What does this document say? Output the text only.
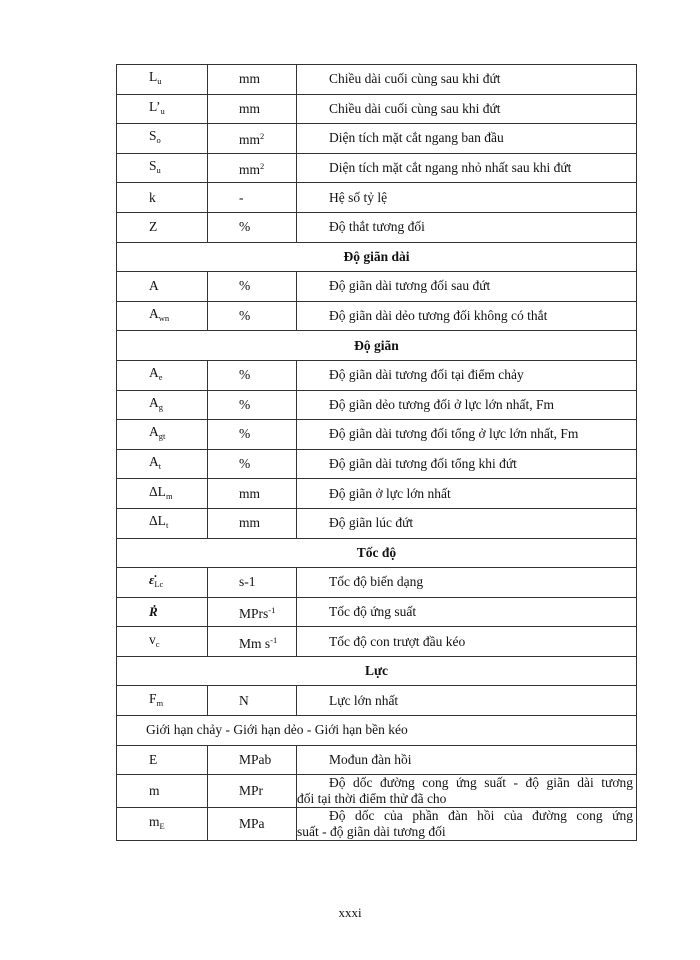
$L_u$	mm	Chiều dài cuối cùng sau khi đứt
$L’_u$	mm	Chiều dài cuối cùng sau khi đứt
$S_o$	$mm^2$	Diện tích mặt cắt ngang ban đầu
$S_u$	$mm^2$	Diện tích mặt cắt ngang nhỏ nhất sau khi đứt
k	-	Hệ số tỷ lệ
Z	%	Độ thắt tương đối
Độ giãn dài		
A	%	Độ giãn dài tương đối sau đứt
$A_{wn}$	%	Độ giãn dài dẻo tương đối không có thắt
Độ giãn		
$A_e$	%	Độ giãn dài tương đối tại điểm chảy
$A_g$	%	Độ giãn dẻo tương đối ở lực lớn nhất, Fm
$A_{gt}$	%	Độ giãn dài tương đối tổng ở lực lớn nhất, Fm
$A_t$	%	Độ giãn dài tương đối tổng khi đứt
$\Delta L_m$	mm	Độ giãn ở lực lớn nhất
$\Delta L_t$	mm	Độ giãn lúc đứt
Tốc độ		
$\varepsiloṅ_{Lc}$	s-1	Tốc độ biến dạng
Ṙ	MPrs$^{-1}$	Tốc độ ứng suất
$v_c$	Mm $s^{-1}$	Tốc độ con trượt đầu kéo
Lực		
$F_m$	N	Lực lớn nhất
Giới hạn chảy - Giới hạn dẻo - Giới hạn bền kéo		
E	MPab	Mođun đàn hồi
m	MPr	Độ dốc đường cong ứng suất - độ giãn dài tương
đối tại thời điểm thử đã cho
$m_E$	MPa	Độ dốc của phần đàn hồi của đường cong ứng
suất - độ giãn dài tương đối
xxxi
